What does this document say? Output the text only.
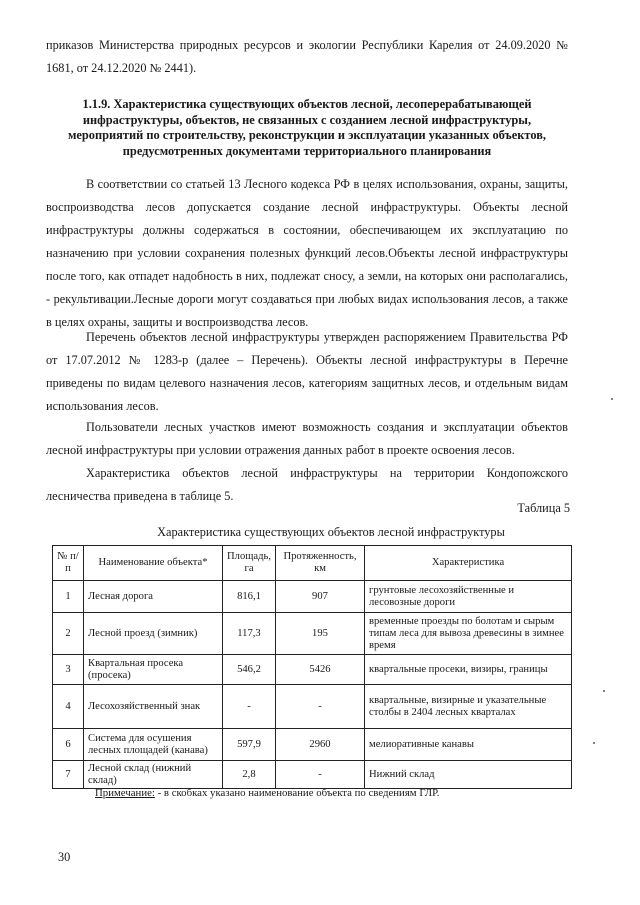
приказов Министерства природных ресурсов и экологии Республики Карелия от 24.09.2020 № 1681, от 24.12.2020 № 2441).

1.1.9. Характеристика существующих объектов лесной, лесоперерабатывающей инфраструктуры, объектов, не связанных с созданием лесной инфраструктуры, мероприятий по строительству, реконструкции и эксплуатации указанных объектов, предусмотренных документами территориального планирования

В соответствии со статьей 13 Лесного кодекса РФ в целях использования, охраны, защиты, воспроизводства лесов допускается создание лесной инфраструктуры. Объекты лесной инфраструктуры должны содержаться в состоянии, обеспечивающем их эксплуатацию по назначению при условии сохранения полезных функций лесов.Объекты лесной инфраструктуры после того, как отпадет надобность в них, подлежат сносу, а земли, на которых они располагались, - рекультивации.Лесные дороги могут создаваться при любых видах использования лесов, а также в целях охраны, защиты и воспроизводства лесов.

Перечень объектов лесной инфраструктуры утвержден распоряжением Правительства РФ от 17.07.2012 № 1283-р (далее – Перечень). Объекты лесной инфраструктуры в Перечне приведены по видам целевого назначения лесов, категориям защитных лесов, и отдельным видам использования лесов.

Пользователи лесных участков имеют возможность создания и эксплуатации объектов лесной инфраструктуры при условии отражения данных работ в проекте освоения лесов.

Характеристика объектов лесной инфраструктуры на территории Кондопожского лесничества приведена в таблице 5.

Таблица 5

Характеристика существующих объектов лесной инфраструктуры

№ п/п	Наименование объекта*	Площадь, га	Протяженность, км	Характеристика
1	Лесная дорога	816,1	907	грунтовые лесохозяйственные и лесовозные дороги
2	Лесной проезд (зимник)	117,3	195	временные проезды по болотам и сырым типам леса для вывоза древесины в зимнее время
3	Квартальная просека (просека)	546,2	5426	квартальные просеки, визиры, границы
4	Лесохозяйственный знак	-	-	квартальные, визирные и указательные столбы в 2404 лесных кварталах
6	Система для осушения лесных площадей (канава)	597,9	2960	мелиоративные канавы
7	Лесной склад (нижний склад)	2,8	-	Нижний склад

Примечание: - в скобках указано наименование объекта по сведениям ГЛР.

30
